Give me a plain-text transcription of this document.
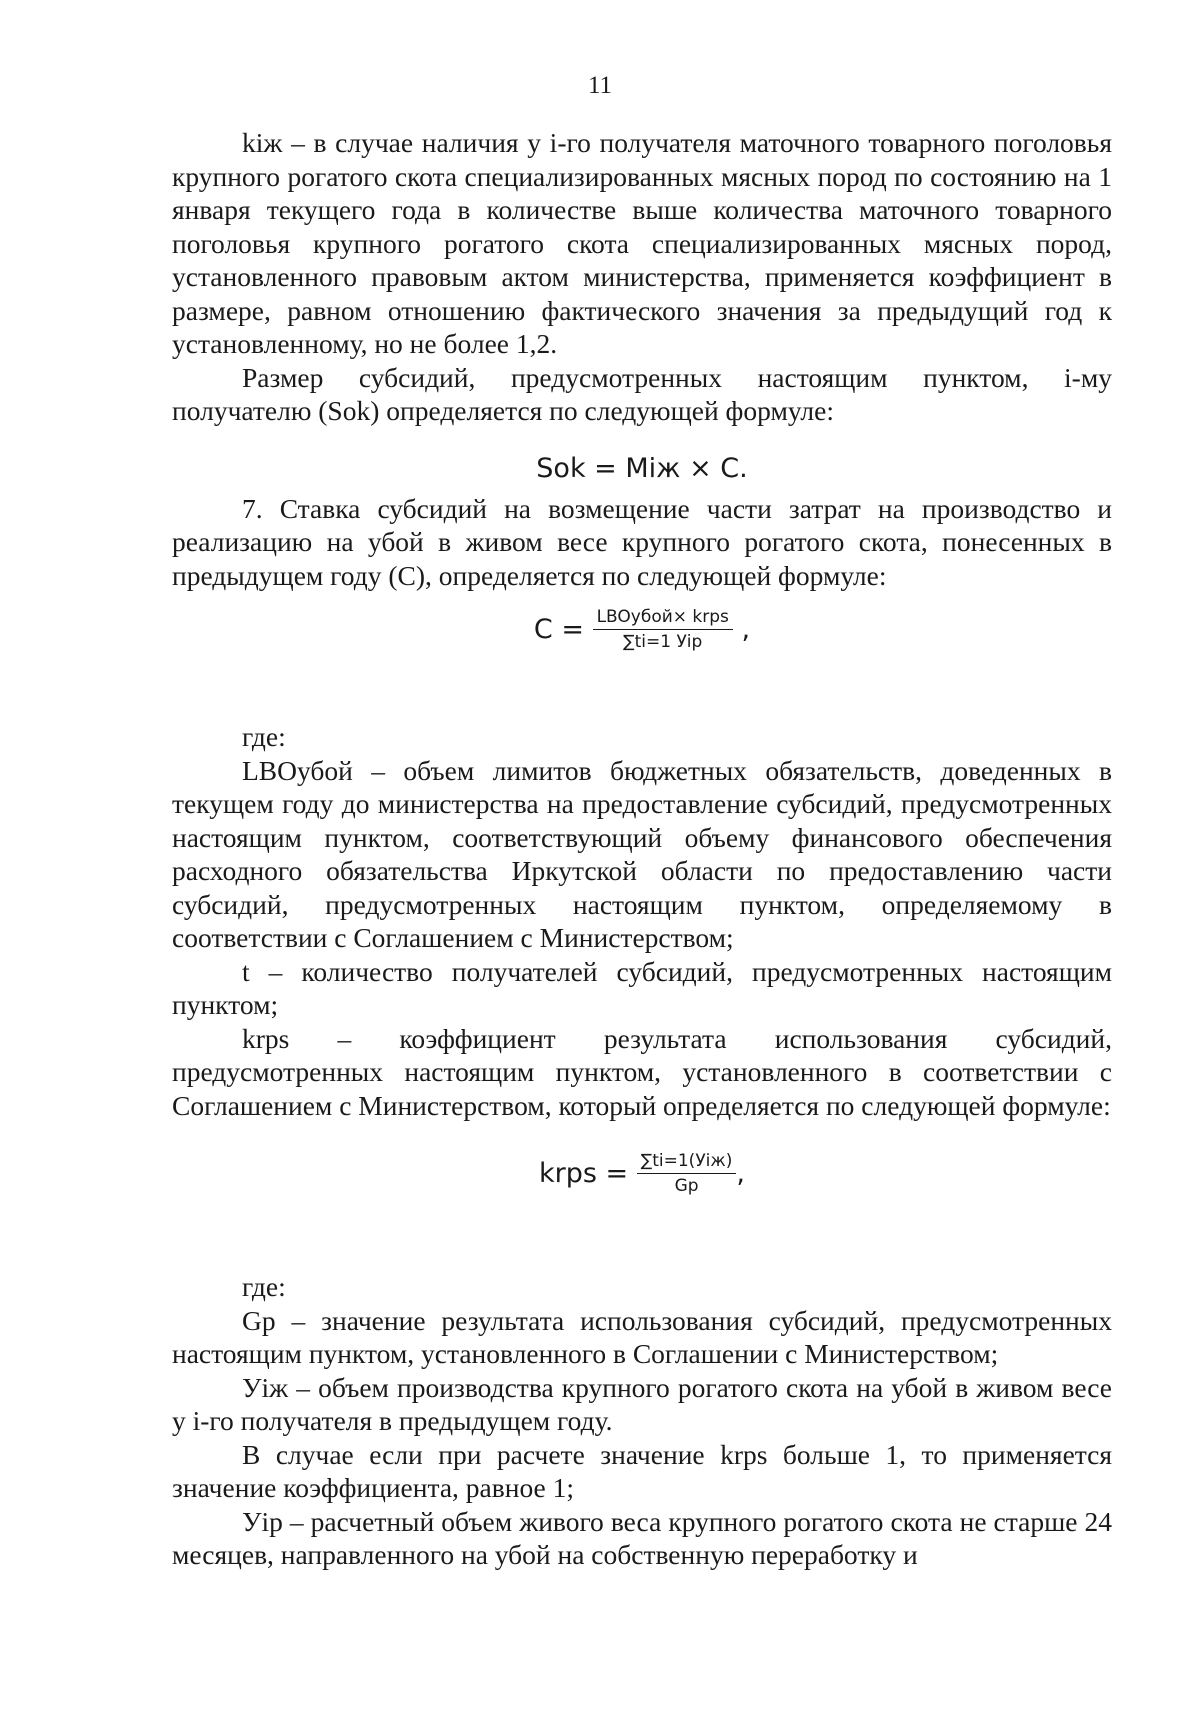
11

kіж – в случае наличия у і-го получателя маточного товарного поголовья крупного рогатого скота специализированных мясных пород по состоянию на 1 января текущего года в количестве выше количества маточного товарного поголовья крупного рогатого скота специализированных мясных пород, установленного правовым актом министерства, применяется коэффициент в размере, равном отношению фактического значения за предыдущий год к установленному, но не более 1,2.

Размер субсидий, предусмотренных настоящим пунктом, і-му получателю (Sok) определяется по следующей формуле:

Sok = Mіж × C.

7. Ставка субсидий на возмещение части затрат на производство и реализацию на убой в живом весе крупного рогатого скота, понесенных в предыдущем году (С), определяется по следующей формуле:

$C = \frac{\text{LBOубой× krps}}{\text{∑ti=1 Уip}}$ ,

где:

LBOубой – объем лимитов бюджетных обязательств, доведенных в текущем году до министерства на предоставление субсидий, предусмотренных настоящим пунктом, соответствующий объему финансового обеспечения расходного обязательства Иркутской области по предоставлению части субсидий, предусмотренных настоящим пунктом, определяемому в соответствии с Соглашением с Министерством;

t – количество получателей субсидий, предусмотренных настоящим пунктом;

krps – коэффициент результата использования субсидий, предусмотренных настоящим пунктом, установленного в соответствии с Соглашением с Министерством, который определяется по следующей формуле:

krps = $\frac{\text{∑ti=1(Уіж)}}{Gp}$ ,

где:

Gp – значение результата использования субсидий, предусмотренных настоящим пунктом, установленного в Соглашении с Министерством;

Уіж – объем производства крупного рогатого скота на убой в живом весе у і-го получателя в предыдущем году.

В случае если при расчете значение krps больше 1, то применяется значение коэффициента, равное 1;

Уip – расчетный объем живого веса крупного рогатого скота не старше 24 месяцев, направленного на убой на собственную переработку и
